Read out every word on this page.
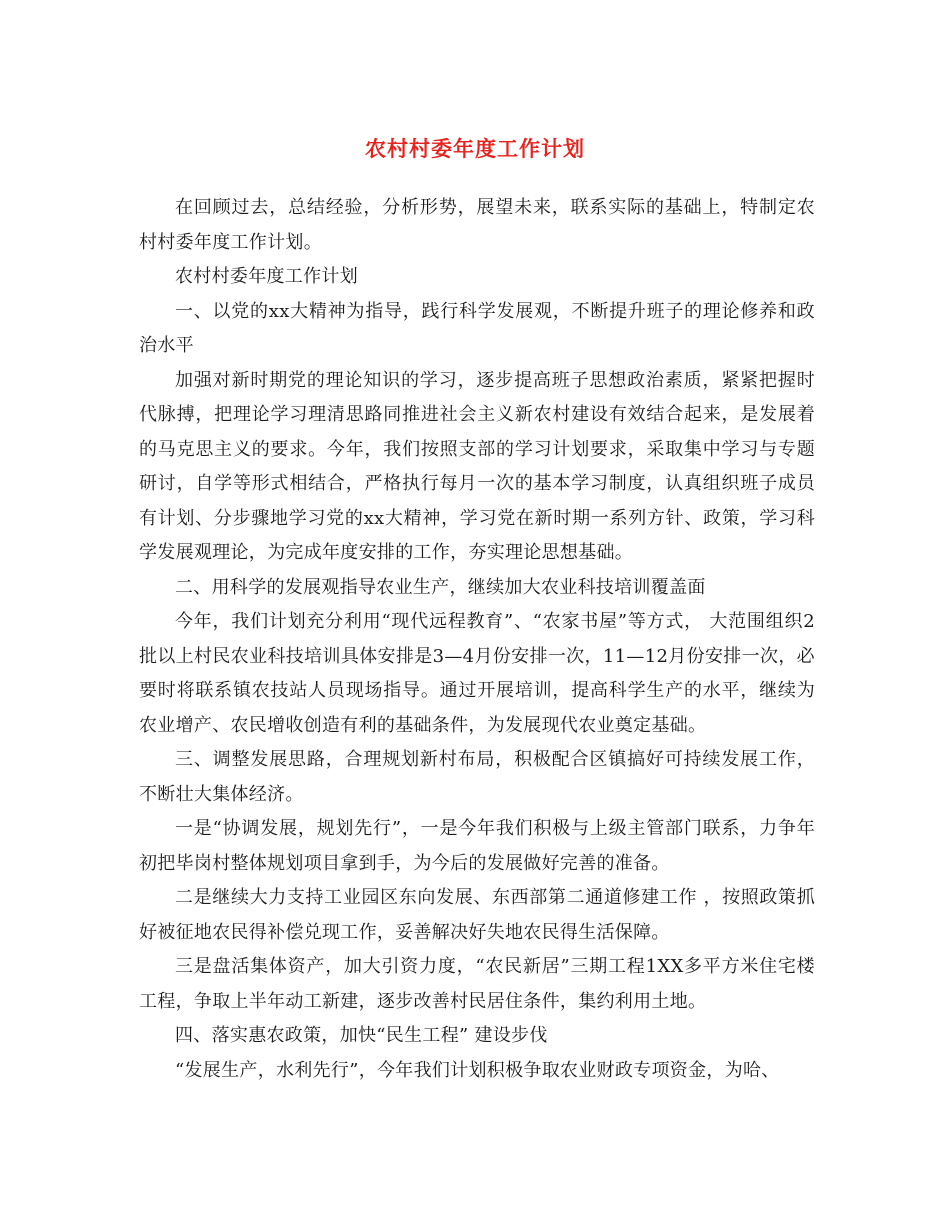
农村村委年度工作计划

在回顾过去，总结经验，分析形势，展望未来，联系实际的基础上，特制定农村村委年度工作计划。

农村村委年度工作计划

一、以党的xx大精神为指导，践行科学发展观，不断提升班子的理论修养和政治水平

加强对新时期党的理论知识的学习，逐步提高班子思想政治素质，紧紧把握时代脉搏，把理论学习理清思路同推进社会主义新农村建设有效结合起来，是发展着的马克思主义的要求。今年，我们按照支部的学习计划要求，采取集中学习与专题研讨，自学等形式相结合，严格执行每月一次的基本学习制度，认真组织班子成员有计划、分步骤地学习党的xx大精神，学习党在新时期一系列方针、政策，学习科学发展观理论，为完成年度安排的工作，夯实理论思想基础。

二、用科学的发展观指导农业生产，继续加大农业科技培训覆盖面

今年，我们计划充分利用“现代远程教育”、“农家书屋”等方式， 大范围组织2批以上村民农业科技培训具体安排是3—4月份安排一次，11—12月份安排一次，必要时将联系镇农技站人员现场指导。通过开展培训，提高科学生产的水平，继续为农业增产、农民增收创造有利的基础条件，为发展现代农业奠定基础。

三、调整发展思路，合理规划新村布局，积极配合区镇搞好可持续发展工作，不断壮大集体经济。

一是“协调发展，规划先行”，一是今年我们积极与上级主管部门联系，力争年初把毕岗村整体规划项目拿到手，为今后的发展做好完善的准备。

二是继续大力支持工业园区东向发展、东西部第二通道修建工作 ，按照政策抓好被征地农民得补偿兑现工作，妥善解决好失地农民得生活保障。

三是盘活集体资产，加大引资力度，“农民新居”三期工程1XX多平方米住宅楼工程，争取上半年动工新建，逐步改善村民居住条件，集约利用土地。

四、落实惠农政策，加快“民生工程” 建设步伐

“发展生产，水利先行”，今年我们计划积极争取农业财政专项资金，为哈、
